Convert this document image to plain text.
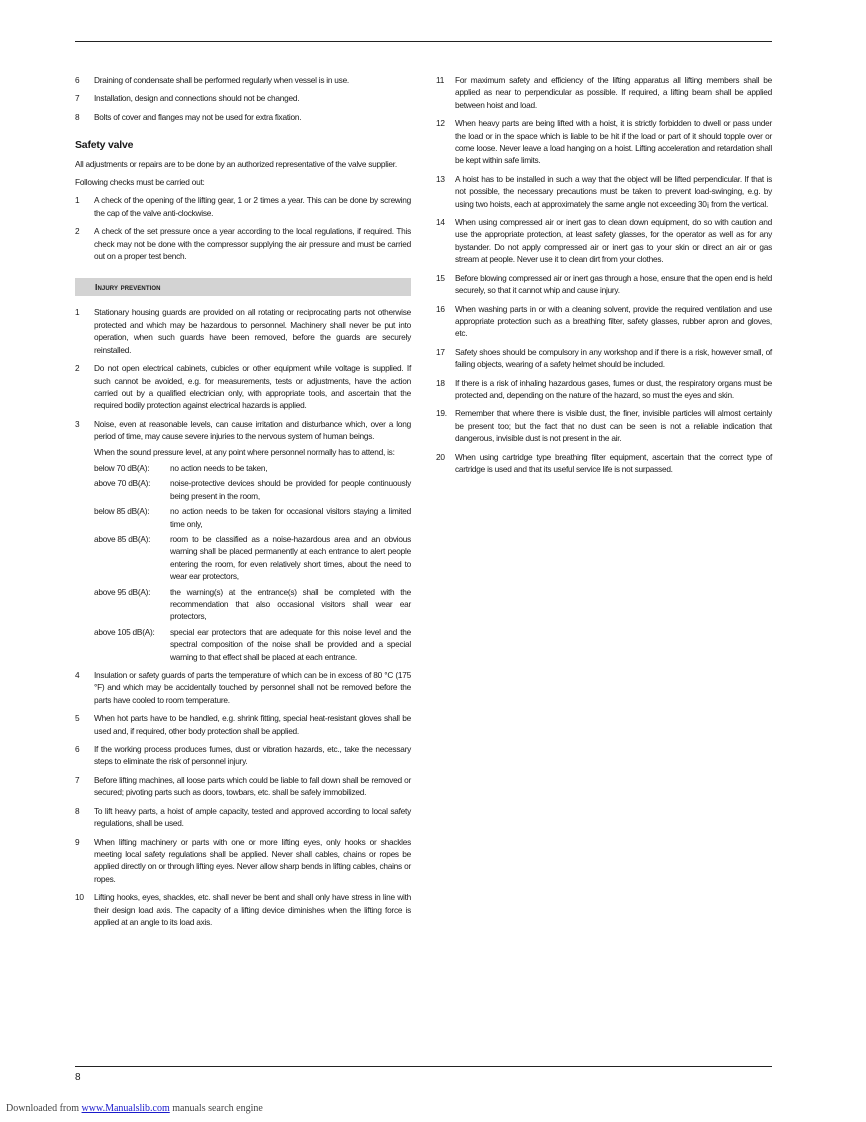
6	Draining of condensate shall be performed regularly when vessel is in use.
7	Installation, design and connections should not be changed.
8	Bolts of cover and flanges may not be used for extra fixation.
Safety valve

All adjustments or repairs are to be done by an authorized representative of the valve supplier.

Following checks must be carried out:

1	A check of the opening of the lifting gear, 1 or 2 times a year. This can be done by screwing the cap of the valve anti-clockwise.
2	A check of the set pressure once a year according to the local regulations, if required. This check may not be done with the compressor supplying the air pressure and must be carried out on a proper test bench.
Injury prevention
1	Stationary housing guards are provided on all rotating or reciprocating parts not otherwise protected and which may be hazardous to personnel. Machinery shall never be put into operation, when such guards have been removed, before the guards are securely reinstalled.
2	Do not open electrical cabinets, cubicles or other equipment while voltage is supplied. If such cannot be avoided, e.g. for measurements, tests or adjustments, have the action carried out by a qualified electrician only, with appropriate tools, and ascertain that the required bodily protection against electrical hazards is applied.
3	Noise, even at reasonable levels, can cause irritation and disturbance which, over a long period of time, may cause severe injuries to the nervous system of human beings.

When the sound pressure level, at any point where personnel normally has to attend, is:

below 70 dB(A):	no action needs to be taken,
above 70 dB(A):	noise-protective devices should be provided for people continuously being present in the room,
below 85 dB(A):	no action needs to be taken for occasional visitors staying a limited time only,
above 85 dB(A):	room to be classified as a noise-hazardous area and an obvious warning shall be placed permanently at each entrance to alert people entering the room, for even relatively short times, about the need to wear ear protectors,
above 95 dB(A):	the warning(s) at the entrance(s) shall be completed with the recommendation that also occasional visitors shall wear ear protectors,
above 105 dB(A):	special ear protectors that are adequate for this noise level and the spectral composition of the noise shall be provided and a special warning to that effect shall be placed at each entrance.
4	Insulation or safety guards of parts the temperature of which can be in excess of 80 °C (175 °F) and which may be accidentally touched by personnel shall not be removed before the parts have cooled to room temperature.
5	When hot parts have to be handled, e.g. shrink fitting, special heat-resistant gloves shall be used and, if required, other body protection shall be applied.
6	If the working process produces fumes, dust or vibration hazards, etc., take the necessary steps to eliminate the risk of personnel injury.
7	Before lifting machines, all loose parts which could be liable to fall down shall be removed or secured; pivoting parts such as doors, towbars, etc. shall be safely immobilized.
8	To lift heavy parts, a hoist of ample capacity, tested and approved according to local safety regulations, shall be used.
9	When lifting machinery or parts with one or more lifting eyes, only hooks or shackles meeting local safety regulations shall be applied. Never shall cables, chains or ropes be applied directly on or through lifting eyes. Never allow sharp bends in lifting cables, chains or ropes.
10	Lifting hooks, eyes, shackles, etc. shall never be bent and shall only have stress in line with their design load axis. The capacity of a lifting device diminishes when the lifting force is applied at an angle to its load axis.
11	For maximum safety and efficiency of the lifting apparatus all lifting members shall be applied as near to perpendicular as possible. If required, a lifting beam shall be applied between hoist and load.
12	When heavy parts are being lifted with a hoist, it is strictly forbidden to dwell or pass under the load or in the space which is liable to be hit if the load or part of it should topple over or come loose. Never leave a load hanging on a hoist. Lifting acceleration and retardation shall be kept within safe limits.
13	A hoist has to be installed in such a way that the object will be lifted perpendicular. If that is not possible, the necessary precautions must be taken to prevent load-swinging, e.g. by using two hoists, each at approximately the same angle not exceeding 30¡ from the vertical.
14	When using compressed air or inert gas to clean down equipment, do so with caution and use the appropriate protection, at least safety glasses, for the operator as well as for any bystander. Do not apply compressed air or inert gas to your skin or direct an air or gas stream at people. Never use it to clean dirt from your clothes.
15	Before blowing compressed air or inert gas through a hose, ensure that the open end is held securely, so that it cannot whip and cause injury.
16	When washing parts in or with a cleaning solvent, provide the required ventilation and use appropriate protection such as a breathing filter, safety glasses, rubber apron and gloves, etc.
17	Safety shoes should be compulsory in any workshop and if there is a risk, however small, of failing objects, wearing of a safety helmet should be included.
18	If there is a risk of inhaling hazardous gases, fumes or dust, the respiratory organs must be protected and, depending on the nature of the hazard, so must the eyes and skin.
19. Remember that where there is visible dust, the finer, invisible particles will almost certainly be present too; but the fact that no dust can be seen is not a reliable indication that dangerous, invisible dust is not present in the air.
20	When using cartridge type breathing filter equipment, ascertain that the correct type of cartridge is used and that its useful service life is not surpassed.
8
Downloaded from www.Manualslib.com manuals search engine
